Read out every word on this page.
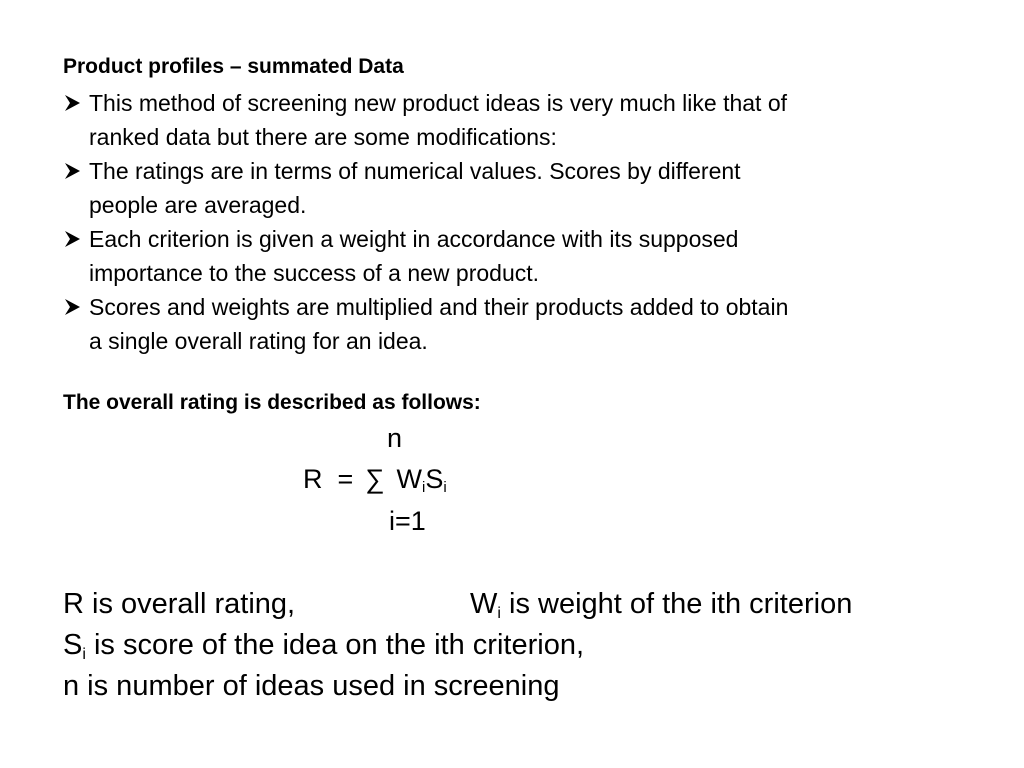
Product profiles – summated Data
This method of screening new product ideas is very much like that of
ranked data but there are some modifications:
The ratings are in terms of numerical values. Scores by different
people are averaged.
Each criterion is given a weight in accordance with its supposed
importance to the success of a new product.
Scores and weights are multiplied and their products added to obtain
a single overall rating for an idea.
The overall rating is described as follows:
n
R = ∑ $W_iS_i$
i=1
R is overall rating,	$W_i$ is weight of the ith criterion
$S_i$ is score of the idea on the ith criterion,
n is number of ideas used in screening
